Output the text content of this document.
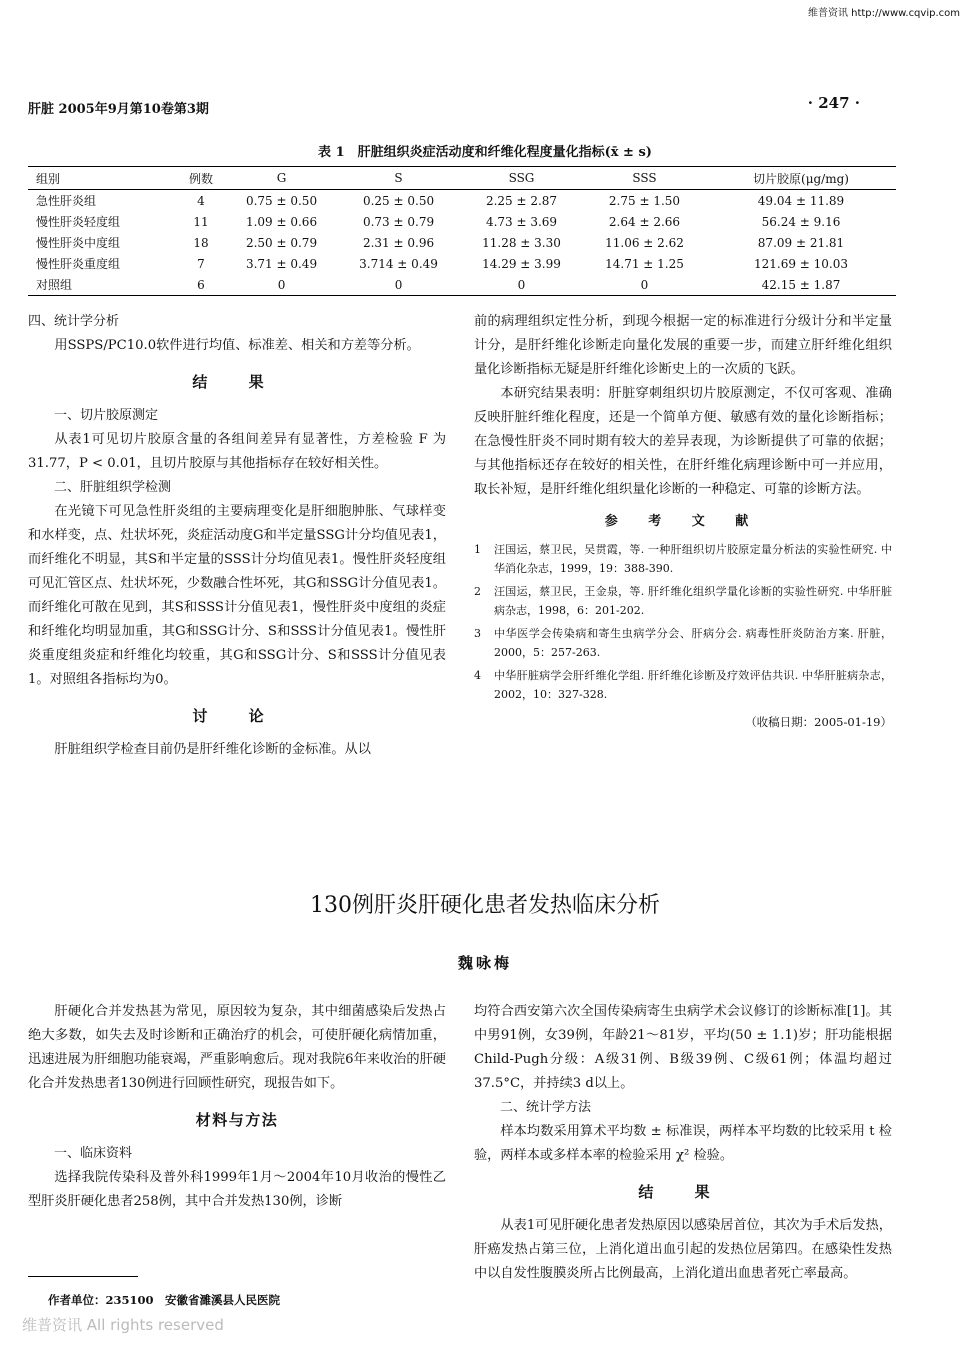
维普资讯 http://www.cqvip.com
肝脏 2005年9月第10卷第3期	· 247 ·
表 1　肝脏组织炎症活动度和纤维化程度量化指标(x̄ ± s)
组别	例数	G	S	SSG	SSS	切片胶原(μg/mg)
急性肝炎组	4	0.75 ± 0.50	0.25 ± 0.50	2.25 ± 2.87	2.75 ± 1.50	49.04 ± 11.89
慢性肝炎轻度组	11	1.09 ± 0.66	0.73 ± 0.79	4.73 ± 3.69	2.64 ± 2.66	56.24 ± 9.16
慢性肝炎中度组	18	2.50 ± 0.79	2.31 ± 0.96	11.28 ± 3.30	11.06 ± 2.62	87.09 ± 21.81
慢性肝炎重度组	7	3.71 ± 0.49	3.714 ± 0.49	14.29 ± 3.99	14.71 ± 1.25	121.69 ± 10.03
对照组	6	0	0	0	0	42.15 ± 1.87
四、统计学分析

用SSPS/PC10.0软件进行均值、标准差、相关和方差等分析。

结 果
一、切片胶原测定

从表1可见切片胶原含量的各组间差异有显著性，方差检验 F 为31.77，P < 0.01，且切片胶原与其他指标存在较好相关性。

二、肝脏组织学检测

在光镜下可见急性肝炎组的主要病理变化是肝细胞肿胀、气球样变和水样变，点、灶状坏死，炎症活动度G和半定量SSG计分均值见表1，而纤维化不明显，其S和半定量的SSS计分均值见表1。慢性肝炎轻度组可见汇管区点、灶状坏死，少数融合性坏死，其G和SSG计分值见表1。而纤维化可散在见到，其S和SSS计分值见表1，慢性肝炎中度组的炎症和纤维化均明显加重，其G和SSG计分、S和SSS计分值见表1。慢性肝炎重度组炎症和纤维化均较重，其G和SSG计分、S和SSS计分值见表1。对照组各指标均为0。

讨 论

肝脏组织学检查目前仍是肝纤维化诊断的金标准。从以

前的病理组织定性分析，到现今根据一定的标准进行分级计分和半定量计分，是肝纤维化诊断走向量化发展的重要一步，而建立肝纤维化组织量化诊断指标无疑是肝纤维化诊断史上的一次质的飞跃。

本研究结果表明：肝脏穿刺组织切片胶原测定，不仅可客观、准确反映肝脏纤维化程度，还是一个简单方便、敏感有效的量化诊断指标；在急慢性肝炎不同时期有较大的差异表现，为诊断提供了可靠的依据；与其他指标还存在较好的相关性，在肝纤维化病理诊断中可一并应用，取长补短，是肝纤维化组织量化诊断的一种稳定、可靠的诊断方法。

参 考 文 献
1	汪国运，蔡卫民，吴贯霞，等. 一种肝组织切片胶原定量分析法的实验性研究. 中华消化杂志，1999，19：388-390.
2	汪国运，蔡卫民，王金泉，等. 肝纤维化组织学量化诊断的实验性研究. 中华肝脏病杂志，1998，6：201-202.
3	中华医学会传染病和寄生虫病学分会、肝病分会. 病毒性肝炎防治方案. 肝脏，2000，5：257-263.
4	中华肝脏病学会肝纤维化学组. 肝纤维化诊断及疗效评估共识. 中华肝脏病杂志，2002，10：327-328.
（收稿日期：2005-01-19）
130例肝炎肝硬化患者发热临床分析
魏咏梅

肝硬化合并发热甚为常见，原因较为复杂，其中细菌感染后发热占绝大多数，如失去及时诊断和正确治疗的机会，可使肝硬化病情加重，迅速进展为肝细胞功能衰竭，严重影响愈后。现对我院6年来收治的肝硬化合并发热患者130例进行回顾性研究，现报告如下。

材料与方法
一、临床资料

选择我院传染科及普外科1999年1月～2004年10月收治的慢性乙型肝炎肝硬化患者258例，其中合并发热130例，诊断

均符合西安第六次全国传染病寄生虫病学术会议修订的诊断标准[1]。其中男91例，女39例，年龄21～81岁，平均(50 ± 1.1)岁；肝功能根据Child-Pugh分级：A级31例、B级39例、C级61例；体温均超过37.5°C，并持续3 d以上。

二、统计学方法

样本均数采用算术平均数 ± 标准误，两样本平均数的比较采用 t 检验，两样本或多样本率的检验采用 χ² 检验。

结 果

从表1可见肝硬化患者发热原因以感染居首位，其次为手术后发热，肝癌发热占第三位，上消化道出血引起的发热位居第四。在感染性发热中以自发性腹膜炎所占比例最高，上消化道出血患者死亡率最高。

作者单位：235100　安徽省濉溪县人民医院
维普资讯 All rights reserved
